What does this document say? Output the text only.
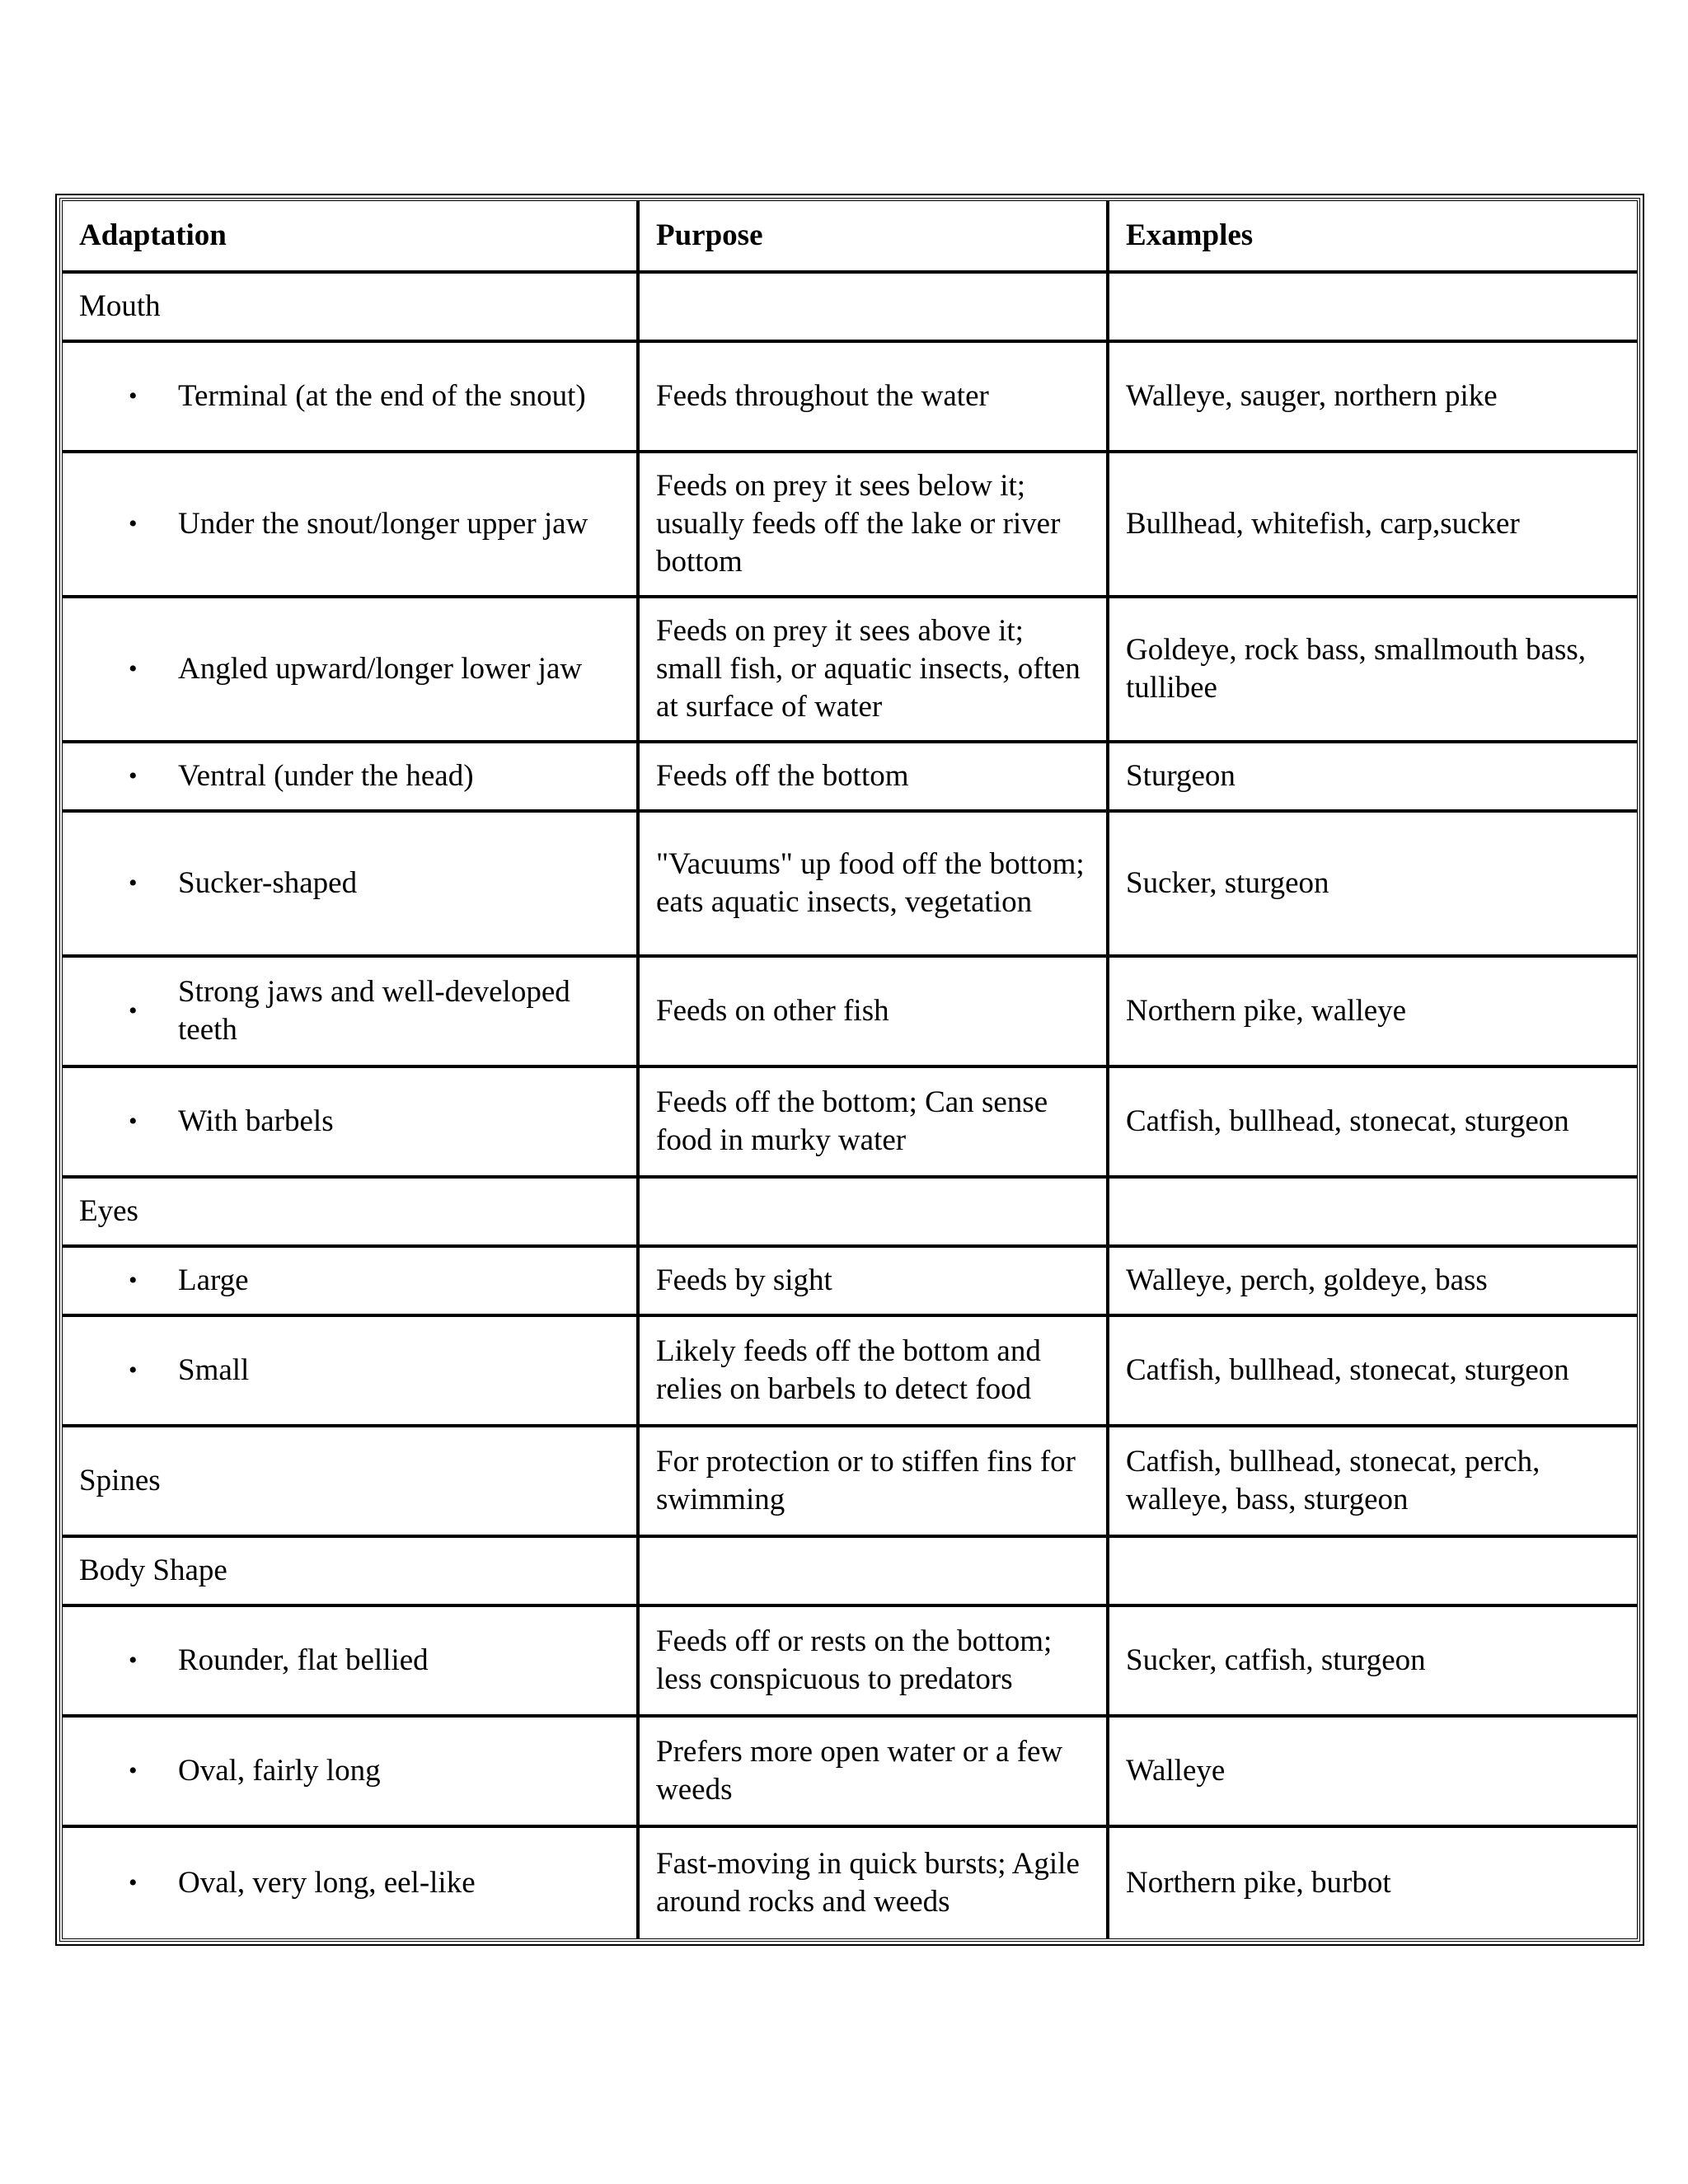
Adaptation	Purpose	Examples
Mouth		

• Terminal (at the end of the snout)	Feeds throughout the water	Walleye, sauger, northern pike

• Under the snout/longer upper jaw	Feeds on prey it sees below it; usually feeds off the lake or river bottom	Bullhead, whitefish, carp,sucker

• Angled upward/longer lower jaw	Feeds on prey it sees above it; small fish, or aquatic insects, often at surface of water	Goldeye, rock bass, smallmouth bass, tullibee

• Ventral (under the head)	Feeds off the bottom	Sturgeon

• Sucker-shaped	"Vacuums" up food off the bottom; eats aquatic insects, vegetation	Sucker, sturgeon

•
Strong jaws and well-developed teeth	Feeds on other fish	Northern pike, walleye

• With barbels	Feeds off the bottom; Can sense food in murky water	Catfish, bullhead, stonecat, sturgeon
Eyes		

• Large	Feeds by sight	Walleye, perch, goldeye, bass

• Small	Likely feeds off the bottom and relies on barbels to detect food	Catfish, bullhead, stonecat, sturgeon
Spines	For protection or to stiffen fins for swimming	Catfish, bullhead, stonecat, perch, walleye, bass, sturgeon
Body Shape		

• Rounder, flat bellied	Feeds off or rests on the bottom; less conspicuous to predators	Sucker, catfish, sturgeon

• Oval, fairly long	Prefers more open water or a few weeds	Walleye

• Oval, very long, eel-like	Fast-moving in quick bursts; Agile around rocks and weeds	Northern pike, burbot
